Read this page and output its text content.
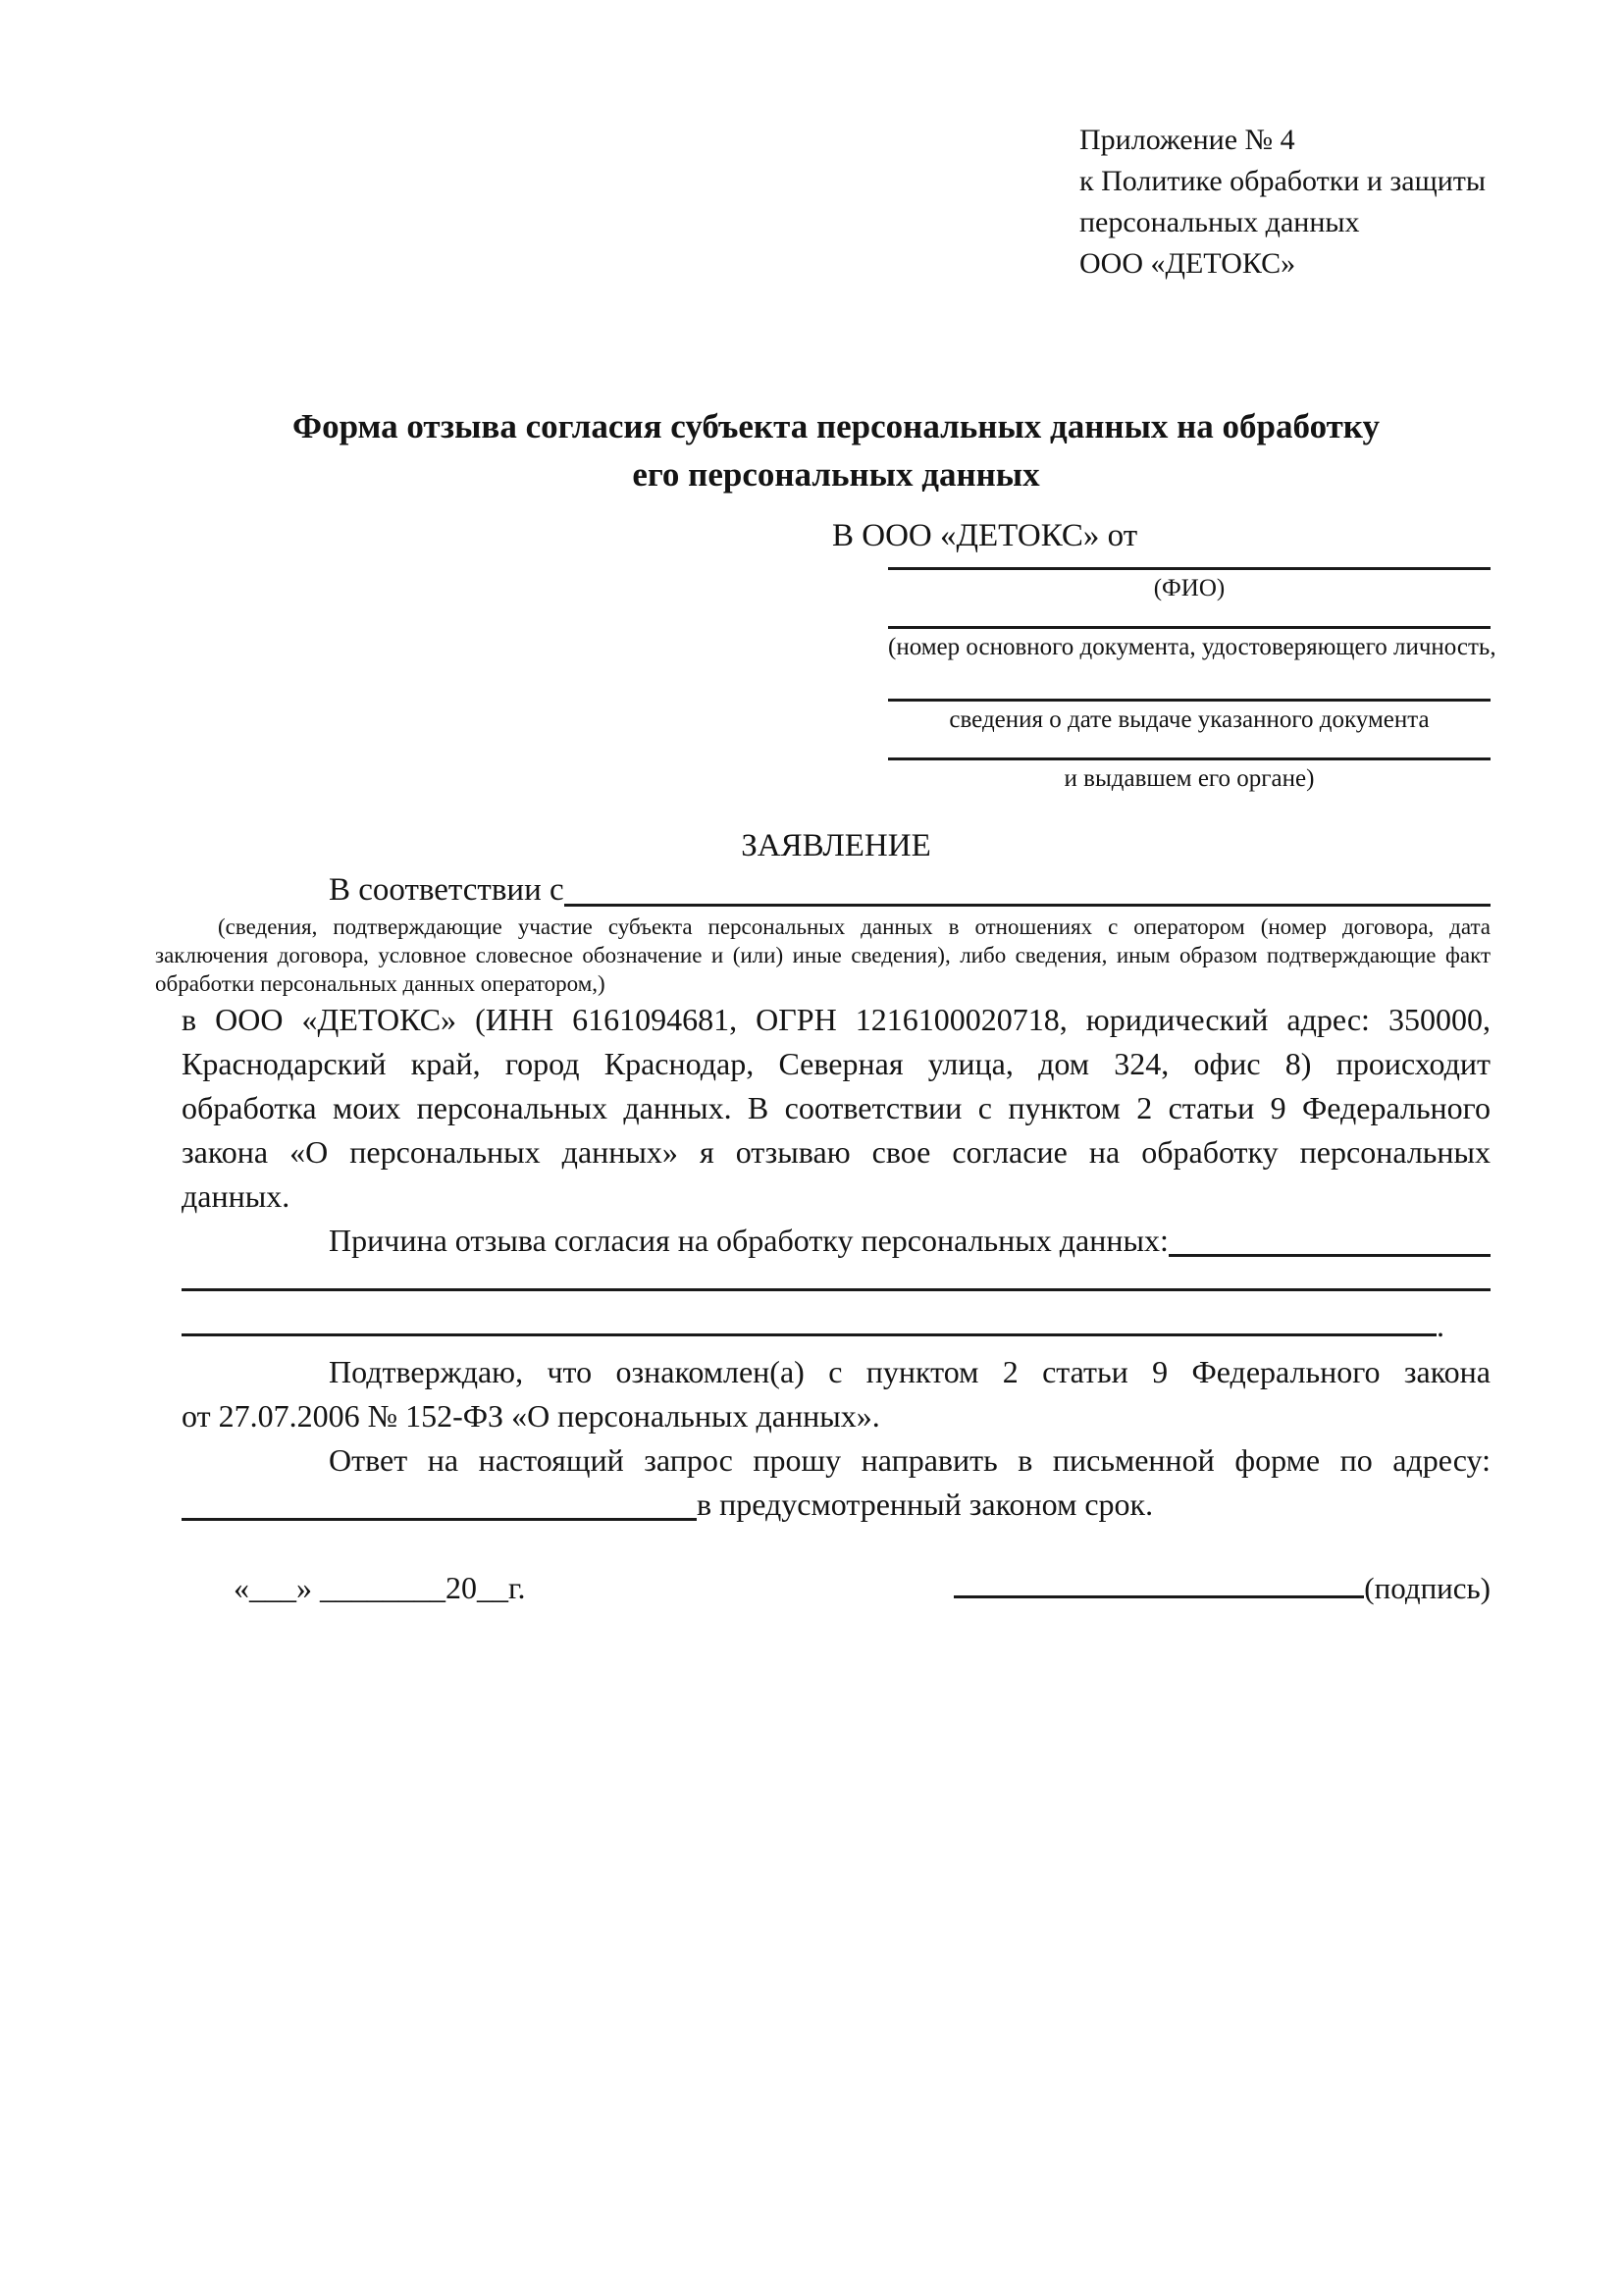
Приложение № 4
к Политике обработки и защиты
персональных данных
ООО «ДЕТОКС»
Форма отзыва согласия субъекта персональных данных на обработку
его персональных данных
В ООО «ДЕТОКС» от
(ФИО)
(номер основного документа, удостоверяющего личность,
сведения о дате выдаче указанного документа
и выдавшем его органе)
ЗАЯВЛЕНИЕ
В соответствии с
(сведения, подтверждающие участие субъекта персональных данных в отношениях с оператором (номер договора, дата
заключения договора, условное словесное обозначение и (или) иные сведения), либо сведения, иным образом подтверждающие факт
обработки персональных данных оператором,)
в ООО «ДЕТОКС» (ИНН 6161094681, ОГРН 1216100020718, юридический адрес: 350000,
Краснодарский край, город Краснодар, Северная улица, дом 324, офис 8) происходит
обработка моих персональных данных. В соответствии с пунктом 2 статьи 9 Федерального
закона «О персональных данных» я отзываю свое согласие на обработку персональных
данных.
Причина отзыва согласия на обработку персональных данных:
.
Подтверждаю, что ознакомлен(а) с пунктом 2 статьи 9 Федерального закона
от 27.07.2006 № 152-ФЗ «О персональных данных».
Ответ на настоящий запрос прошу направить в письменной форме по адресу:
в предусмотренный законом срок.
«___» ________20__г.	(подпись)
